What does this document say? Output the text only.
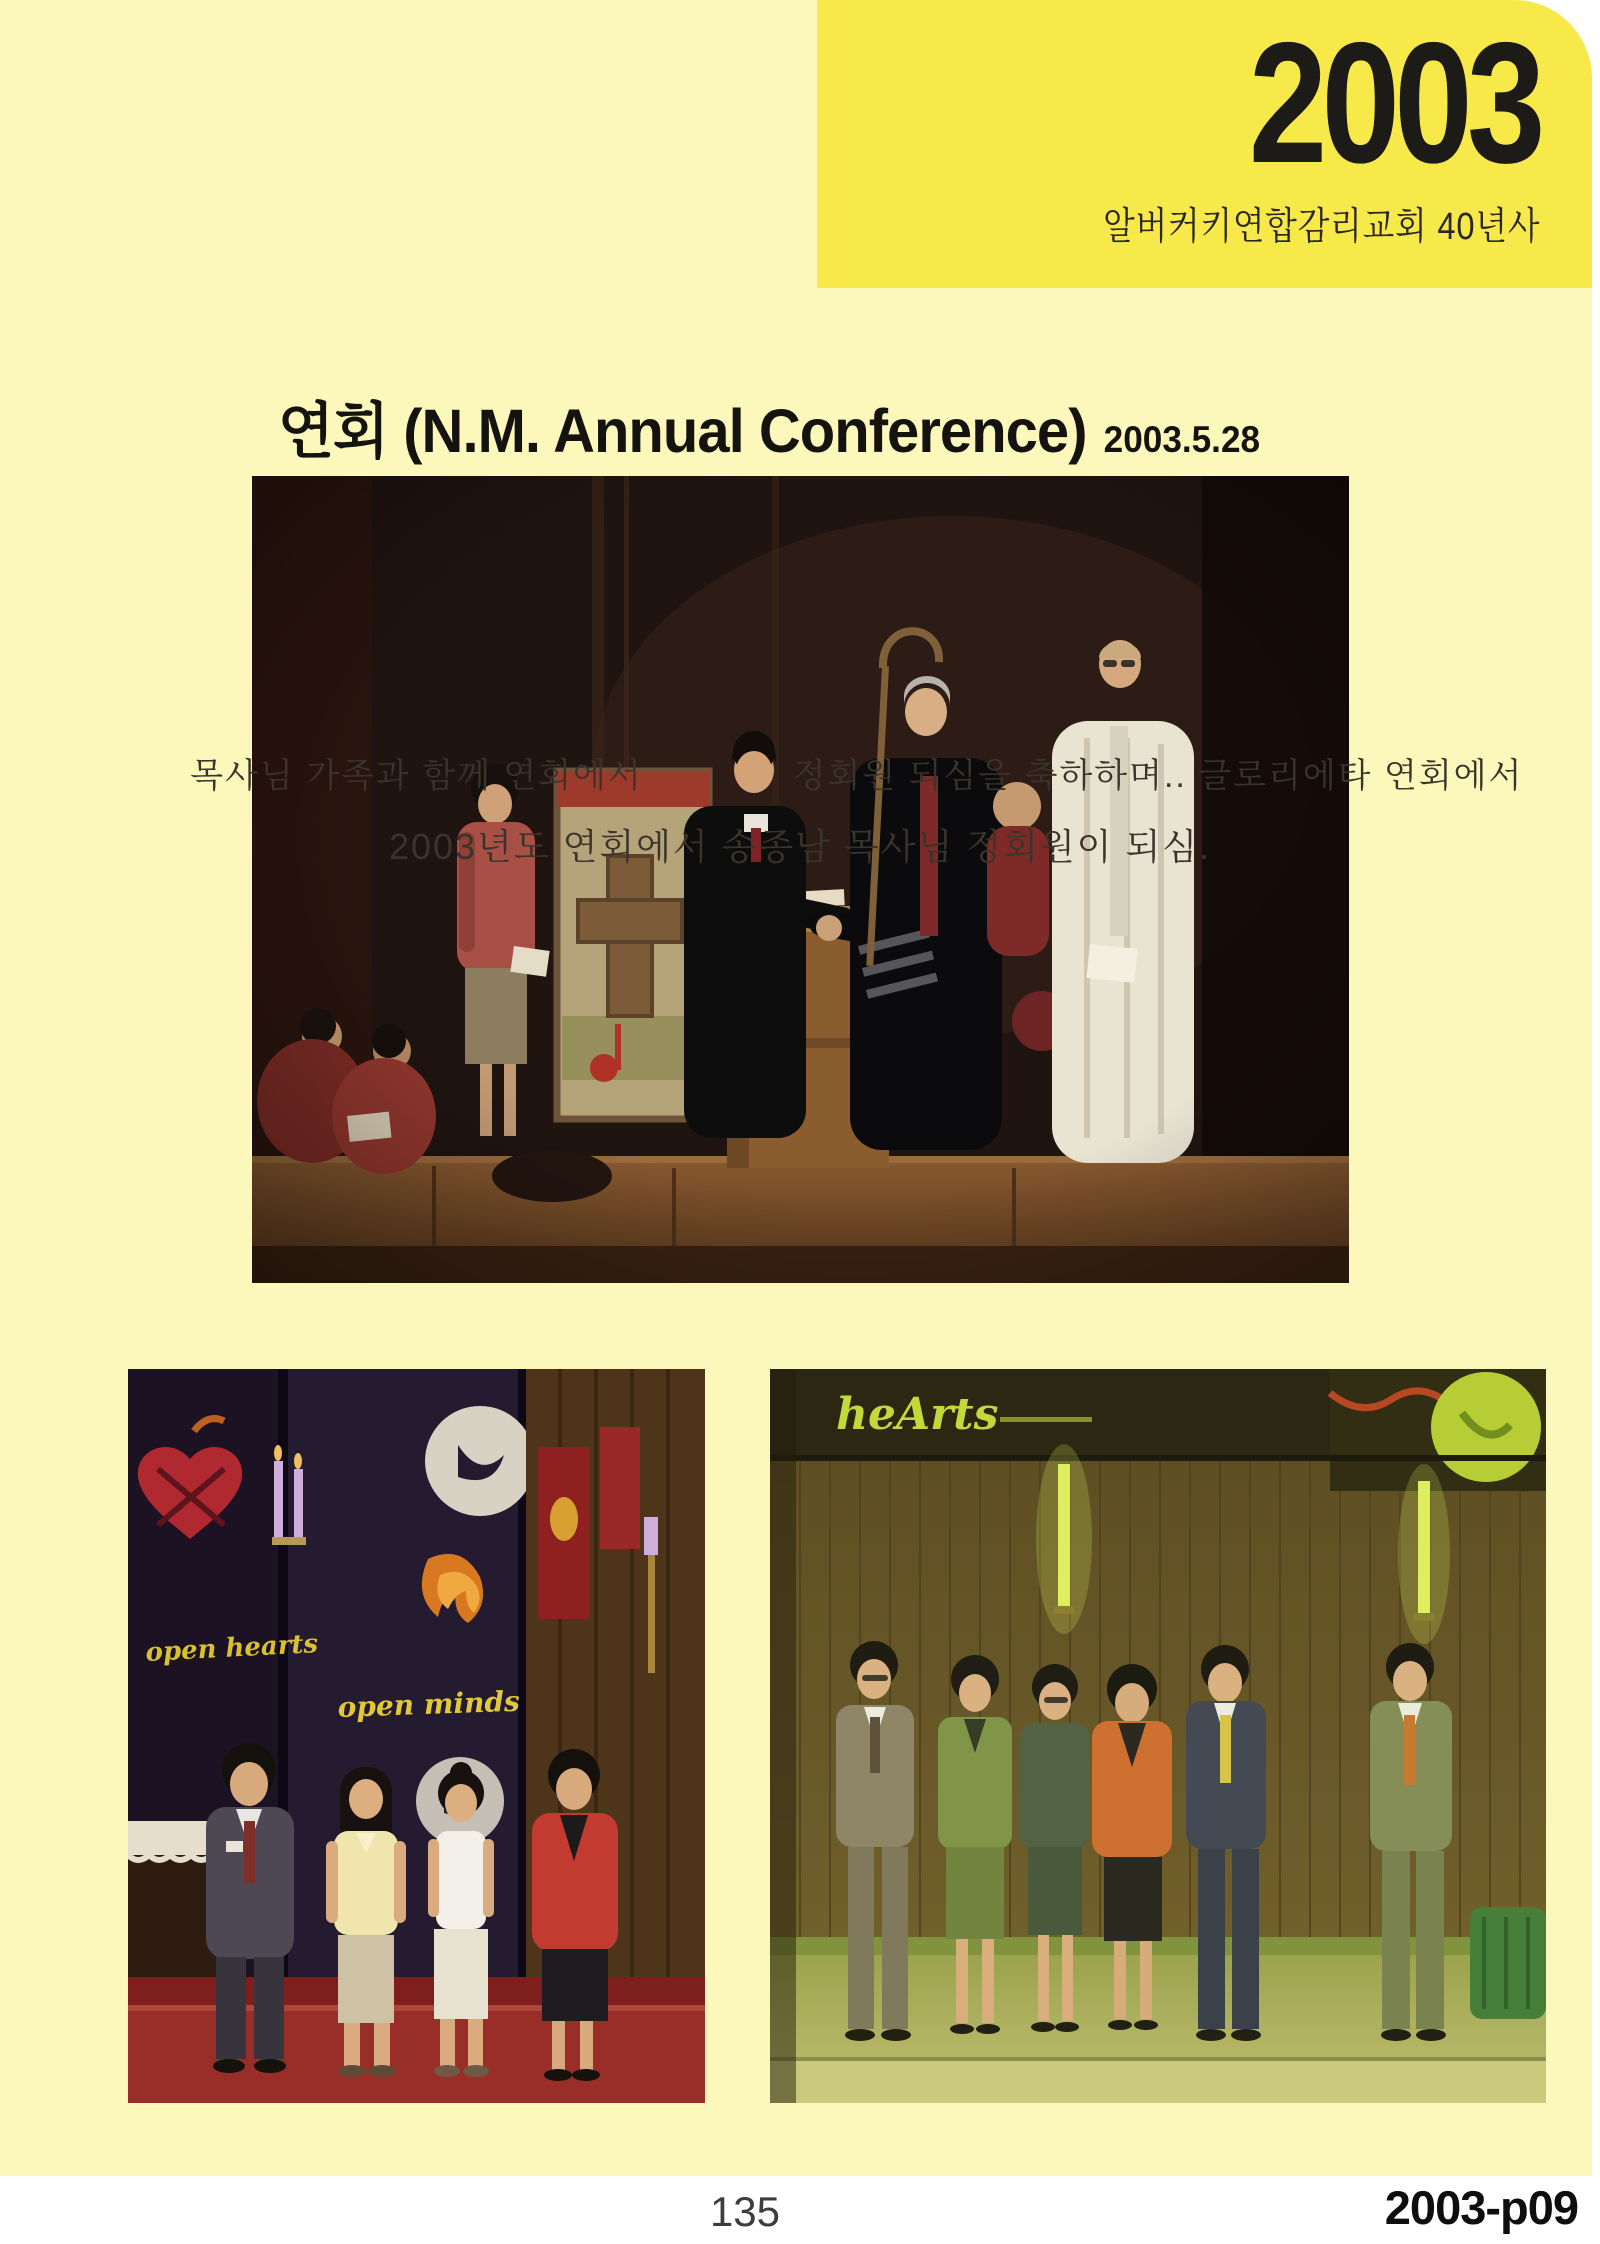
2003
알버커키연합감리교회 40년사
연회 (N.M. Annual Conference) 2003.5.28
2003년도 연회에서 송종남 목사님 정회원이 되심.
open hearts
open minds
목사님 가족과 함께 연회에서
heArts
정회원 되심을 축하하며.. 글로리에타 연회에서
135	2003-p09
